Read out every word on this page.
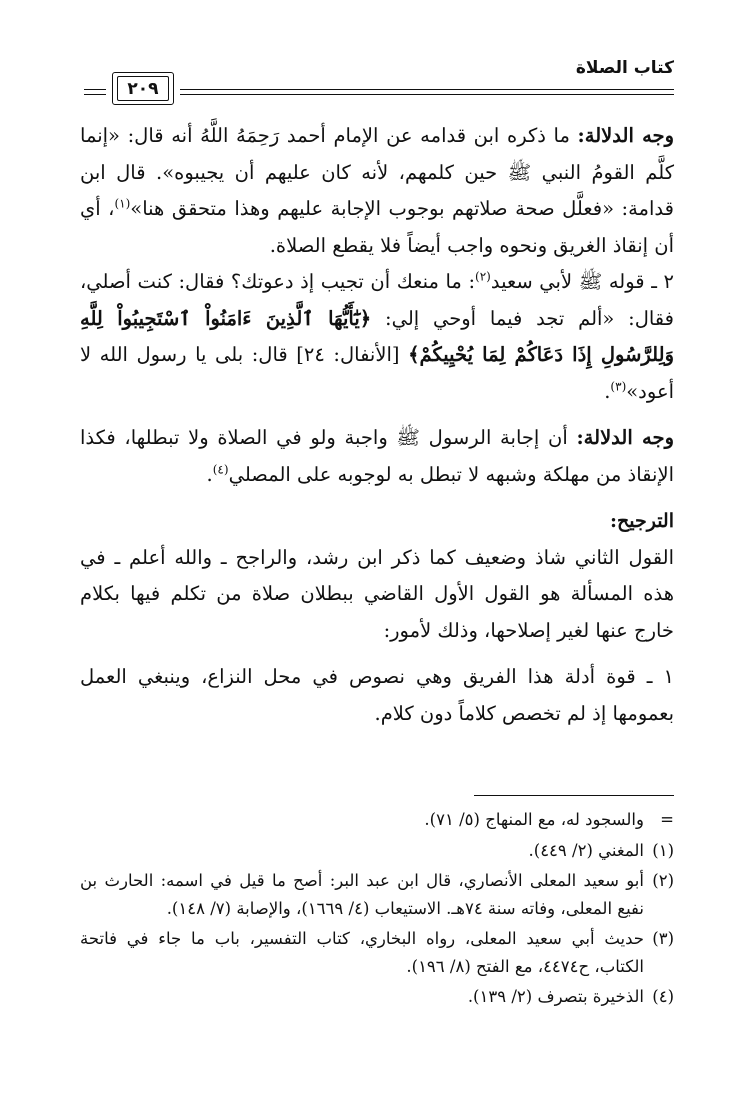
كتاب الصلاة
٢٠٩

وجه الدلالة: ما ذكره ابن قدامه عن الإمام أحمد رَحِمَهُ اللَّهُ أنه قال: «إنما كلَّم القومُ النبي ﷺ حين كلمهم، لأنه كان عليهم أن يجيبوه». قال ابن قدامة: «فعلَّل صحة صلاتهم بوجوب الإجابة عليهم وهذا متحقق هنا»$^{(١)}$، أي أن إنقاذ الغريق ونحوه واجب أيضاً فلا يقطع الصلاة.

٢ ـ قوله ﷺ لأبي سعيد$^{(٢)}$: ما منعك أن تجيب إذ دعوتك؟ فقال: كنت أصلي، فقال: «ألم تجد فيما أوحي إلي: ﴿يَٰٓأَيُّهَا ٱلَّذِينَ ءَامَنُواْ ٱسْتَجِيبُواْ لِلَّهِ وَلِلرَّسُولِ إِذَا دَعَاكُمْ لِمَا يُحْيِيكُمْ﴾ [الأنفال: ٢٤] قال: بلى يا رسول الله لا أعود»$^{(٣)}$.

وجه الدلالة: أن إجابة الرسول ﷺ واجبة ولو في الصلاة ولا تبطلها، فكذا الإنقاذ من مهلكة وشبهه لا تبطل به لوجوبه على المصلي$^{(٤)}$.

الترجيح:

القول الثاني شاذ وضعيف كما ذكر ابن رشد، والراجح ـ والله أعلم ـ في هذه المسألة هو القول الأول القاضي ببطلان صلاة من تكلم فيها بكلام خارج عنها لغير إصلاحها، وذلك لأمور:

١ ـ قوة أدلة هذا الفريق وهي نصوص في محل النزاع، وينبغي العمل بعمومها إذ لم تخصص كلاماً دون كلام.

=
والسجود له، مع المنهاج (٥/ ٧١).
(١)
المغني (٢/ ٤٤٩).
(٢)
أبو سعيد المعلى الأنصاري، قال ابن عبد البر: أصح ما قيل في اسمه: الحارث بن نفيع المعلى، وفاته سنة ٧٤هـ. الاستيعاب (٤/ ١٦٦٩)، والإصابة (٧/ ١٤٨).
(٣)
حديث أبي سعيد المعلى، رواه البخاري، كتاب التفسير، باب ما جاء في فاتحة الكتاب، ح٤٤٧٤، مع الفتح (٨/ ١٩٦).
(٤)
الذخيرة بتصرف (٢/ ١٣٩).
